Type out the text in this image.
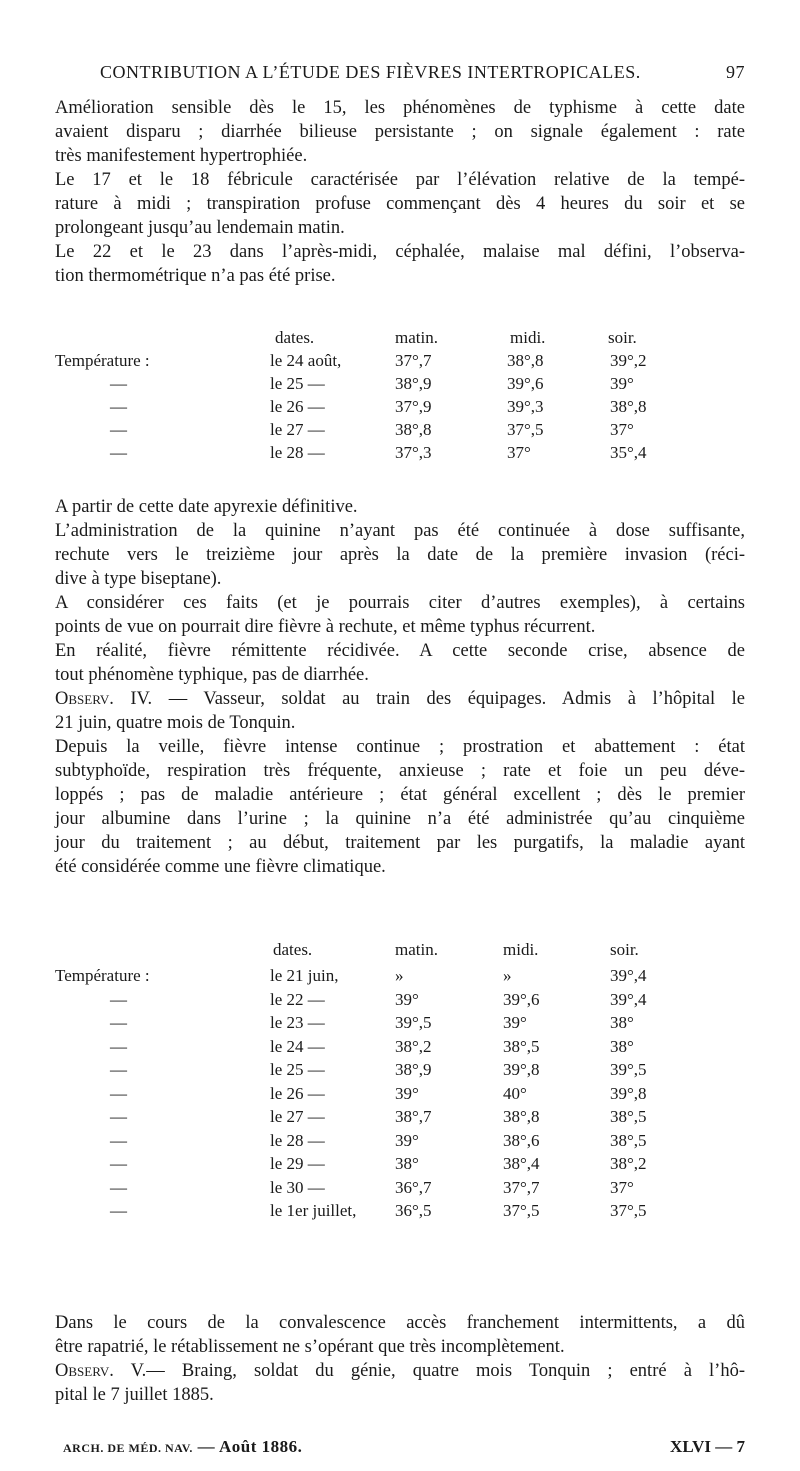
CONTRIBUTION A L’ÉTUDE DES FIÈVRES INTERTROPICALES.	97
Amélioration sensible dès le 15, les phénomènes de typhisme à cette date
avaient disparu ; diarrhée bilieuse persistante ; on signale également : rate
très manifestement hypertrophiée.
Le 17 et le 18 fébricule caractérisée par l’élévation relative de la tempé-
rature à midi ; transpiration profuse commençant dès 4 heures du soir et se
prolongeant jusqu’au lendemain matin.
Le 22 et le 23 dans l’après-midi, céphalée, malaise mal défini, l’observa-
tion thermométrique n’a pas été prise.
dates.	matin.	midi.	soir.
Température :	le 24 août,	37°,7	38°,8	39°,2
—	le 25 —	38°,9	39°,6	39°
—	le 26 —	37°,9	39°,3	38°,8
—	le 27 —	38°,8	37°,5	37°
—	le 28 —	37°,3	37°	35°,4
A partir de cette date apyrexie définitive.
L’administration de la quinine n’ayant pas été continuée à dose suffisante,
rechute vers le treizième jour après la date de la première invasion (réci-
dive à type biseptane).
A considérer ces faits (et je pourrais citer d’autres exemples), à certains
points de vue on pourrait dire fièvre à rechute, et même typhus récurrent.
En réalité, fièvre rémittente récidivée. A cette seconde crise, absence de
tout phénomène typhique, pas de diarrhée.
Observ. IV. — Vasseur, soldat au train des équipages. Admis à l’hôpital le
21 juin, quatre mois de Tonquin.
Depuis la veille, fièvre intense continue ; prostration et abattement : état
subtyphoïde, respiration très fréquente, anxieuse ; rate et foie un peu déve-
loppés ; pas de maladie antérieure ; état général excellent ; dès le premier
jour albumine dans l’urine ; la quinine n’a été administrée qu’au cinquième
jour du traitement ; au début, traitement par les purgatifs, la maladie ayant
été considérée comme une fièvre climatique.
dates.	matin.	midi.	soir.
Température :	le 21 juin,	»	»	39°,4
—	le 22 —	39°	39°,6	39°,4
—	le 23 —	39°,5	39°	38°
—	le 24 —	38°,2	38°,5	38°
—	le 25 —	38°,9	39°,8	39°,5
—	le 26 —	39°	40°	39°,8
—	le 27 —	38°,7	38°,8	38°,5
—	le 28 —	39°	38°,6	38°,5
—	le 29 —	38°	38°,4	38°,2
—	le 30 —	36°,7	37°,7	37°
—	le 1er juillet, 36°,5	37°,5	37°,5
Dans le cours de la convalescence accès franchement intermittents, a dû
être rapatrié, le rétablissement ne s’opérant que très incomplètement.
Observ. V.— Braing, soldat du génie, quatre mois Tonquin ; entré à l’hô-
pital le 7 juillet 1885.
ARCH. DE MÉD. NAV. — Août 1886.	XLVI — 7
